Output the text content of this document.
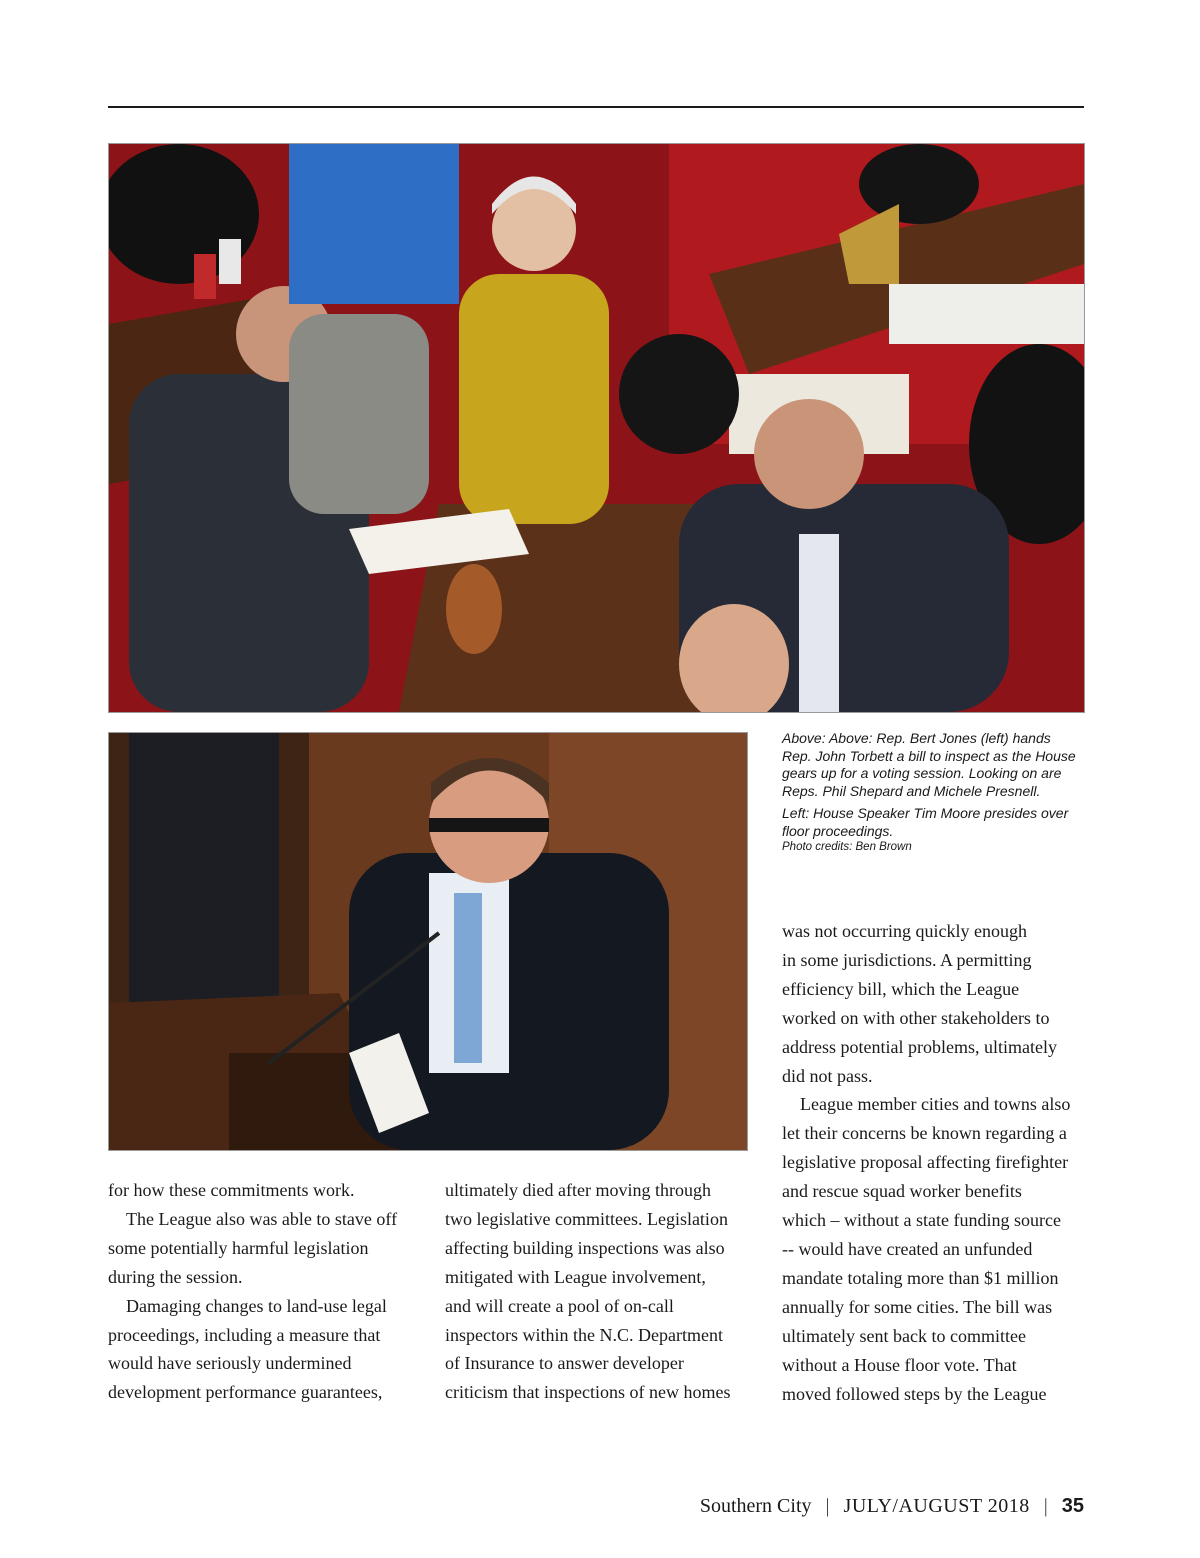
Above: Above: Rep. Bert Jones (left) hands Rep. John Torbett a bill to inspect as the House gears up for a voting session. Looking on are Reps. Phil Shepard and Michele Presnell.

Left: House Speaker Tim Moore presides over floor proceedings.

Photo credits: Ben Brown

for how these commitments work.
The League also was able to stave off
some potentially harmful legislation
during the session.
Damaging changes to land-use legal
proceedings, including a measure that
would have seriously undermined
development performance guarantees,
ultimately died after moving through
two legislative committees. Legislation
affecting building inspections was also
mitigated with League involvement,
and will create a pool of on-call
inspectors within the N.C. Department
of Insurance to answer developer
criticism that inspections of new homes
was not occurring quickly enough
in some jurisdictions. A permitting
efficiency bill, which the League
worked on with other stakeholders to
address potential problems, ultimately
did not pass.
League member cities and towns also
let their concerns be known regarding a
legislative proposal affecting firefighter
and rescue squad worker benefits
which – without a state funding source
-- would have created an unfunded
mandate totaling more than $1 million
annually for some cities. The bill was
ultimately sent back to committee
without a House floor vote. That
moved followed steps by the League
Southern City | JULY/AUGUST 2018 | 35
